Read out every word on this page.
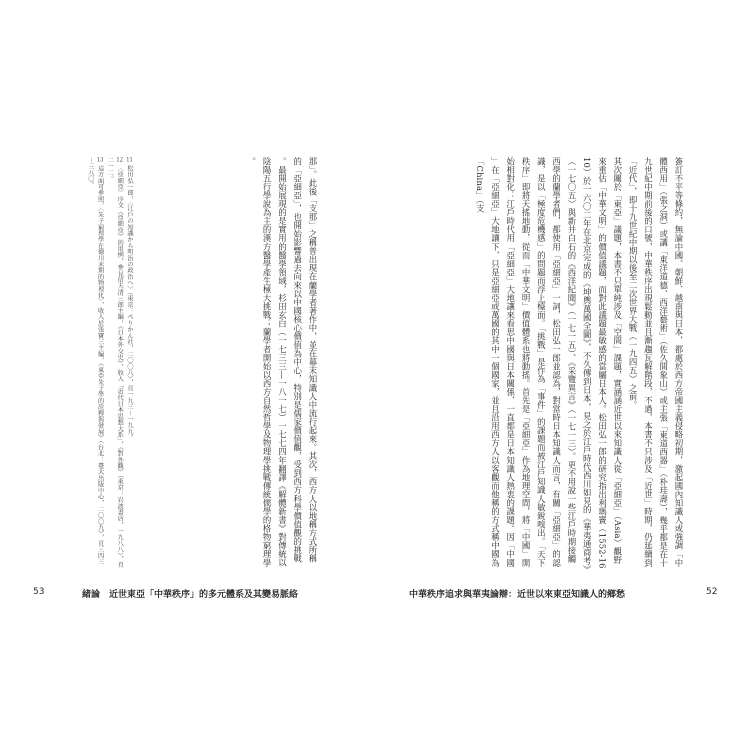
簽訂不平等條約，無論中國、朝鮮、越南與日本，都處於西方帝國主義侵略初期，激起國內知識人或強調「中體西用」（張之洞）或講「東洋道德、西洋藝術」（佐久間象山）或主張「東道西器」（朴珪壽），幾乎都是在十九世紀中期前後的口號，中華秩序出現鬆動並且漸趨瓦解階段，不過，本書不只涉及「近世」時期，仍延續到「近代」，即十九世紀中期以後至二次世界大戰（一九四五）之前。
其次關於「東亞」議題，本書不只單純涉及「空間」課題，實涵涵近世以來知識人從「亞細亞」（Asia）觀野來重估「中華文明」的價值議題，而對此議題最敏感的當屬日本人。松田弘一郎的研究指出利瑪竇（1552-1610）於一六〇二年在北京完成的《坤輿萬國全圖》，不久傳到日本，見之於江戶時代西川如見的《華夷通商考》（一七〇五）與新井白石的《西洋紀聞》（一七一五）、《采覽異言》（一七一三）。更不用說一些江戶時期接觸西學的蘭學者們，都使用「亞細亞」一詞，松田弘一郎並認為，對當時日本知識人而言，有關「亞細亞」的認識，是以「極度危機感」的問題而浮上檯面。「挑戰」是作為「事件」的課題而被江戶知識人敏銳嗅出。「天下秩序」即將天搖地動，從而「中華文明」價值體系也將動搖。首先是「亞細亞」作為地理空間，將「中國」開始相對化：江戶時代用「亞細亞」大地讓來看思中國與日本關係，一直都是日本知識人熱衷的課題。因「中國」在「亞細亞」大地讓下，只是亞細亞或萬國的其中一個國家，並且沿用西方人以客觀而他稱的方式稱中國為「China」（支
那」。此後「支那」之稱普出現在蘭學者著作中，並在幕末知識人中流行起來。其次，西方人以地稱方式所稱的「亞細亞」，也開始影響過去向來以中國核心價值為中心，特別是儒家價值觀，受到西方科學價值觀的挑戰。最開始展現的是實用的醫學領域，杉田玄白（一七三三―一八一七）一七七四年翻譯《解體新書》對傳統以陰陽五行學說為主的漢方醫學產生極大挑戰；蘭學者開始以西方自然哲學及物理學挑戰傳統儒學的格物窮理學。
11 松田弘一郎，〈江戶の知識から明治の政治へ〉（東京：ぺりかん社，二〇〇八），頁一九三－一九九。
12 〈亞細亞〉序文《亞細亞》的用例，參見信夫清三郎主編，《日本外交史》，收入「近代日本思想大系」，《對外觀》（東京：岩波書店，一九八八），頁二一二。
13 這方面可參照，〈朱子窮理學在德川末期的物理化〉，收入於張寶三主編，《東亞朱子學的詮釋與發展》（台北：臺大出版中心，二〇〇九），頁三四三－三八〇。
53	緒論　近世東亞「中華秩序」的多元體系及其變易脈絡	中華秩序追求與華夷論辯：近世以來東亞知識人的鄉愁	52
